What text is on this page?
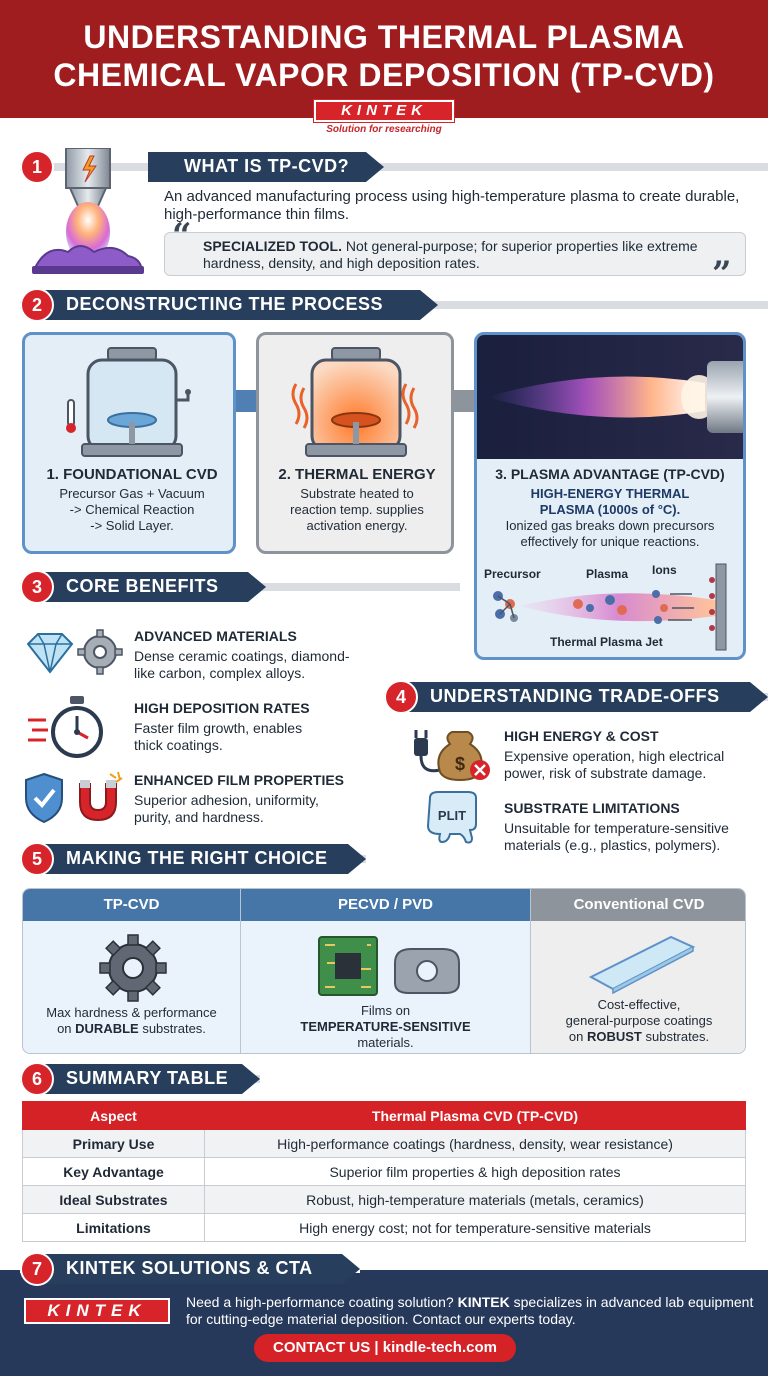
UNDERSTANDING THERMAL PLASMA
CHEMICAL VAPOR DEPOSITION (TP-CVD)
KINTEK
Solution for researching
1	WHAT IS TP-CVD?
An advanced manufacturing process using high-temperature plasma to create durable, high-performance thin films.
SPECIALIZED TOOL. Not general-purpose; for superior properties like extreme hardness, density, and high deposition rates.
“
”
2	DECONSTRUCTING THE PROCESS
1. FOUNDATIONAL CVD
Precursor Gas + Vacuum
-> Chemical Reaction
-> Solid Layer.
2. THERMAL ENERGY
Substrate heated to
reaction temp. supplies
activation energy.
3. PLASMA ADVANTAGE (TP-CVD)
HIGH-ENERGY THERMAL
PLASMA (1000s of °C).
Ionized gas breaks down precursors
effectively for unique reactions.
Precursor	Plasma Ions
Thermal Plasma Jet
3	CORE BENEFITS
ADVANCED MATERIALS
Dense ceramic coatings, diamond-
like carbon, complex alloys.
HIGH DEPOSITION RATES
Faster film growth, enables
thick coatings.
ENHANCED FILM PROPERTIES
Superior adhesion, uniformity,
purity, and hardness.
4	UNDERSTANDING TRADE-OFFS
$
HIGH ENERGY & COST
Expensive operation, high electrical
power, risk of substrate damage.
PLIT	SUBSTRATE LIMITATIONS
Unsuitable for temperature-sensitive
materials (e.g., plastics, polymers).
5	MAKING THE RIGHT CHOICE
TP-CVD
Max hardness & performance
on DURABLE substrates.
PECVD / PVD
Films on
TEMPERATURE-SENSITIVE
materials.
Conventional CVD
Cost-effective,
general-purpose coatings
on ROBUST substrates.
6	SUMMARY TABLE
Aspect	Thermal Plasma CVD (TP-CVD)
Primary Use	High-performance coatings (hardness, density, wear resistance)
Key Advantage	Superior film properties & high deposition rates
Ideal Substrates	Robust, high-temperature materials (metals, ceramics)
Limitations	High energy cost; not for temperature-sensitive materials
KINTEK	Need a high-performance coating solution? KINTEK specializes in advanced lab equipment for cutting-edge material deposition. Contact our experts today.
7	KINTEK SOLUTIONS & CTA
CONTACT US | kindle-tech.com
